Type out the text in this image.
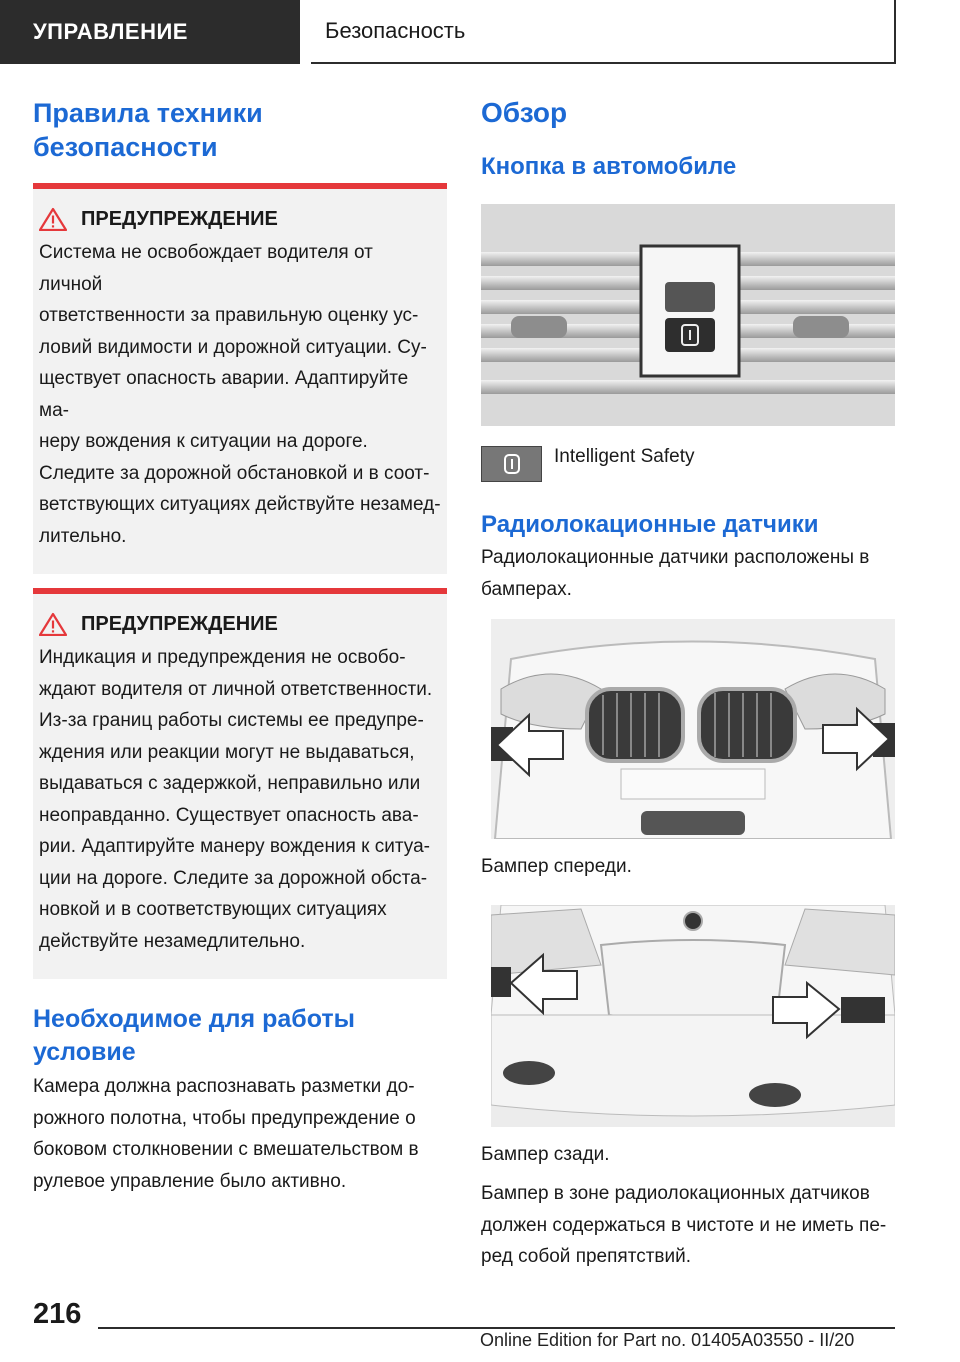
УПРАВЛЕНИЕ	Безопасность
Правила техники безопасности
ПРЕДУПРЕЖДЕНИЕ

Система не освобождает водителя от личной
ответственности за правильную оценку ус-
ловий видимости и дорожной ситуации. Су-
ществует опасность аварии. Адаптируйте ма-
неру вождения к ситуации на дороге.
Следите за дорожной обстановкой и в соот-
ветствующих ситуациях действуйте незамед-
лительно.

ПРЕДУПРЕЖДЕНИЕ

Индикация и предупреждения не освобо-
ждают водителя от личной ответственности.
Из-за границ работы системы ее предупре-
ждения или реакции могут не выдаваться,
выдаваться с задержкой, неправильно или
неоправданно. Существует опасность ава-
рии. Адаптируйте манеру вождения к ситуа-
ции на дороге. Следите за дорожной обста-
новкой и в соответствующих ситуациях
действуйте незамедлительно.

Необходимое для работы
условие

Камера должна распознавать разметки до-
рожного полотна, чтобы предупреждение о
боковом столкновении с вмешательством в
рулевое управление было активно.

Обзор
Кнопка в автомобиле
Intelligent Safety
Радиолокационные датчики

Радиолокационные датчики расположены в
бамперах.

Бампер спереди.
Бампер сзади.

Бампер в зоне радиолокационных датчиков
должен содержаться в чистоте и не иметь пе-
ред собой препятствий.

216
Online Edition for Part no. 01405A03550 - II/20
